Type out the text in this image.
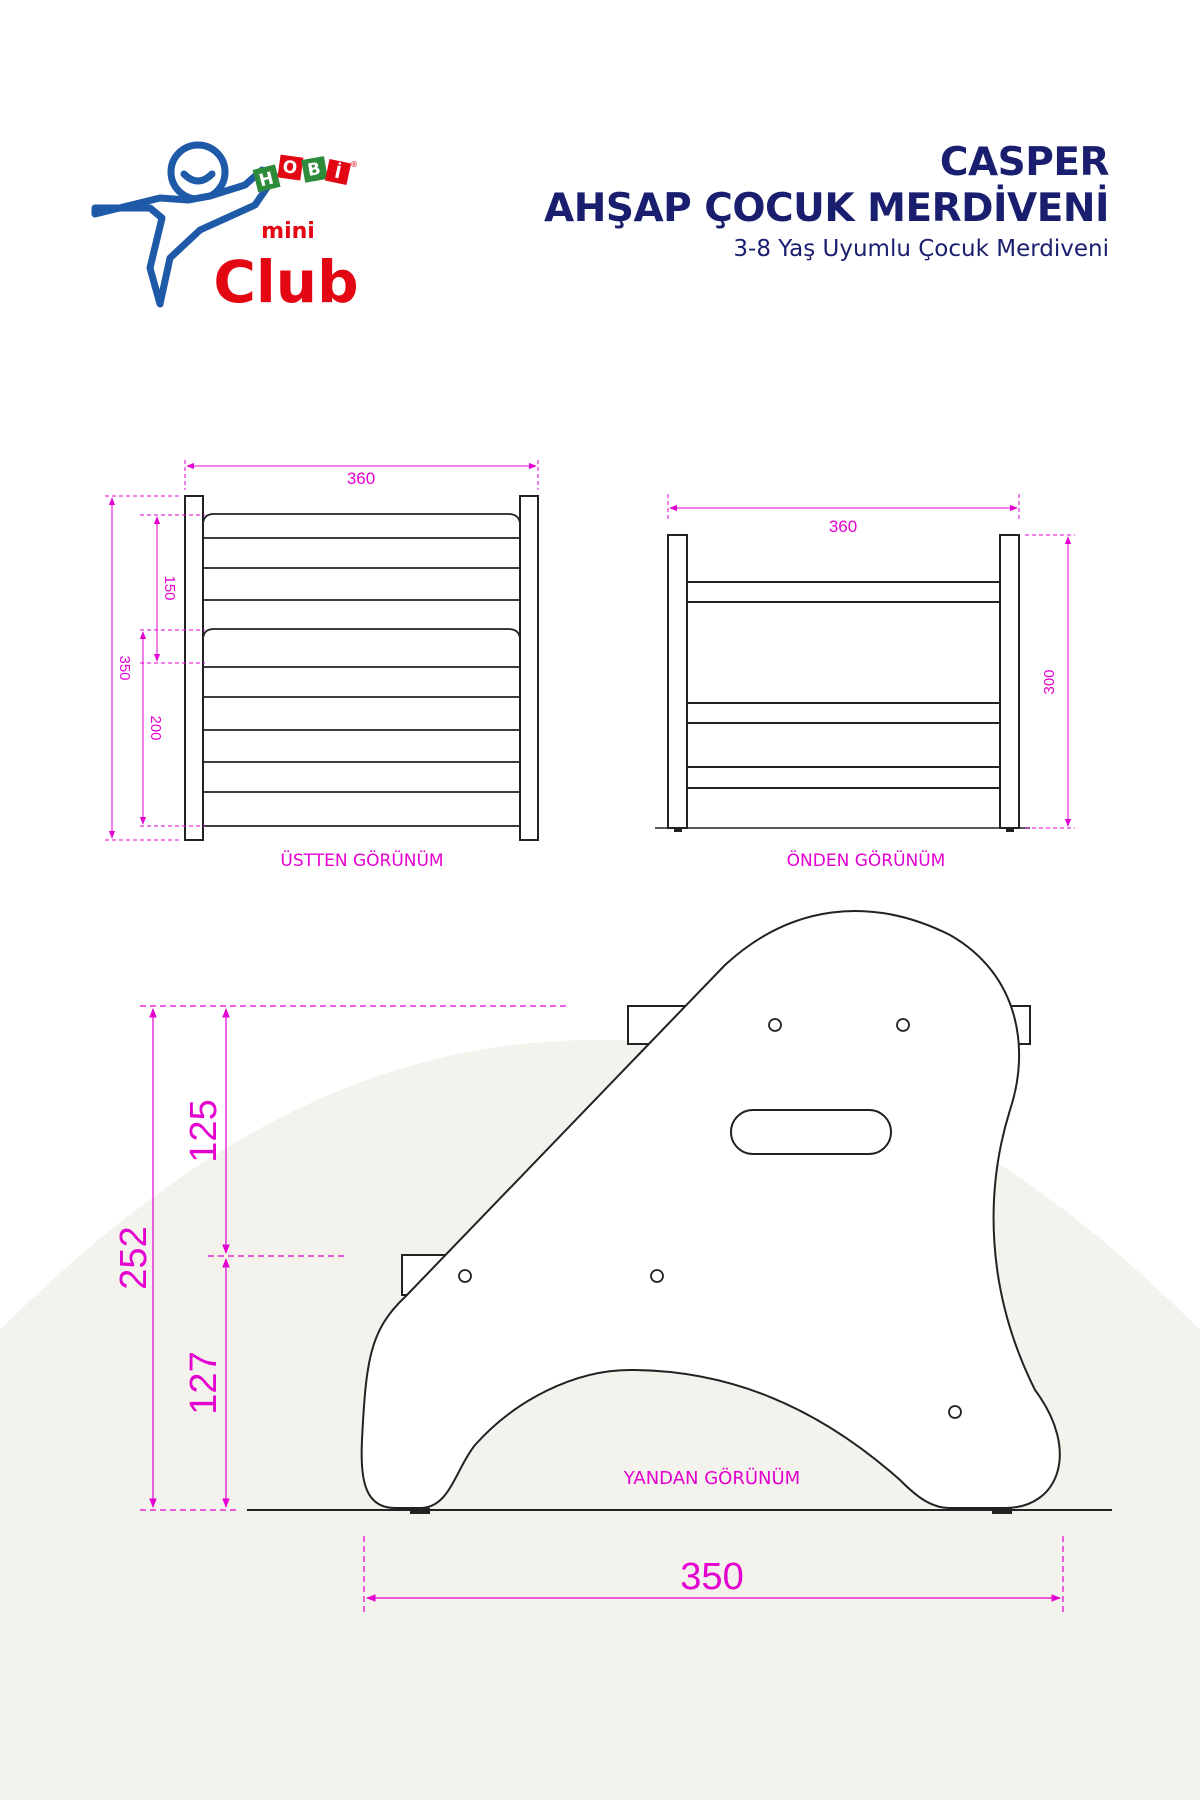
H
O B İ ®
mini
Club
360
350
150
200
ÜSTTEN GÖRÜNÜM
360
300
ÖNDEN GÖRÜNÜM
252
125
127
350
YANDAN GÖRÜNÜM
CASPER
AHŞAP ÇOCUK MERDİVENİ
3-8 Yaş Uyumlu Çocuk Merdiveni
